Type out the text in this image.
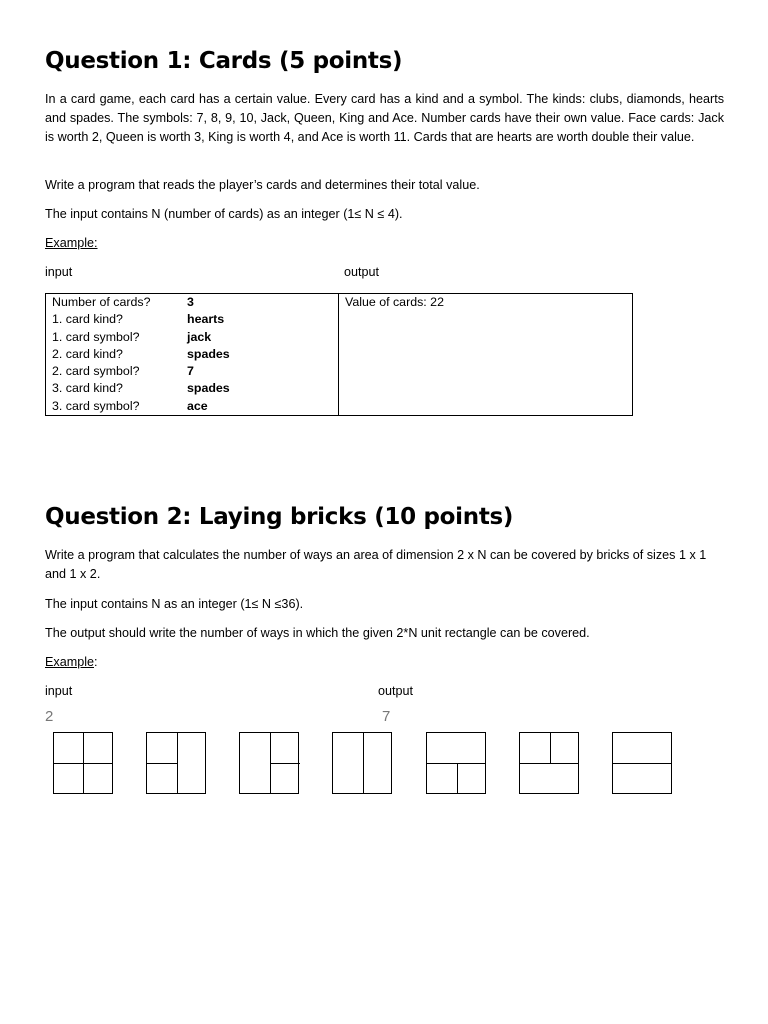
Question 1: Cards (5 points)

In a card game, each card has a certain value. Every card has a kind and a symbol. The kinds: clubs, diamonds, hearts and spades. The symbols: 7, 8, 9, 10, Jack, Queen, King and Ace. Number cards have their own value. Face cards: Jack is worth 2, Queen is worth 3, King is worth 4, and Ace is worth 11. Cards that are hearts are worth double their value.

Write a program that reads the player’s cards and determines their total value.

The input contains N (number of cards) as an integer (1≤ N ≤ 4).

Example:

input	output

Number of cards?	3
1. card kind?	hearts
1. card symbol?	jack
2. card kind?	spades
2. card symbol?	7
3. card kind?	spades
3. card symbol?	ace

Value of cards: 22
Question 2: Laying bricks (10 points)

Write a program that calculates the number of ways an area of dimension 2 x N can be covered by bricks of sizes 1 x 1 and 1 x 2.

The input contains N as an integer (1≤ N ≤36).

The output should write the number of ways in which the given 2*N unit rectangle can be covered.

Example:

input	output

2	7
